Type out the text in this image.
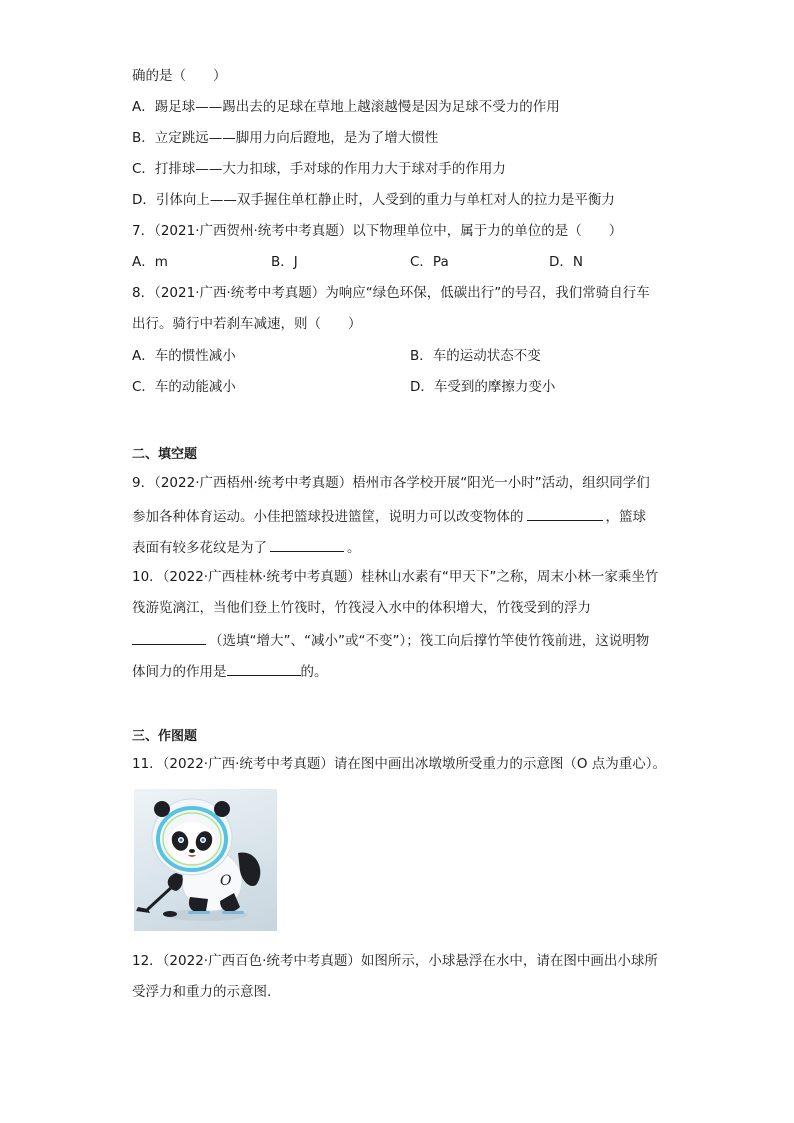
确的是（　　）
A．踢足球——踢出去的足球在草地上越滚越慢是因为足球不受力的作用
B．立定跳远——脚用力向后蹬地，是为了增大惯性
C．打排球——大力扣球，手对球的作用力大于球对手的作用力
D．引体向上——双手握住单杠静止时，人受到的重力与单杠对人的拉力是平衡力
7．（2021·广西贺州·统考中考真题）以下物理单位中，属于力的单位的是（　　）
A．m	B．J	C．Pa	D．N
8．（2021·广西·统考中考真题）为响应“绿色环保，低碳出行”的号召，我们常骑自行车
出行。骑行中若刹车减速，则（　　）
A．车的惯性减小	B．车的运动状态不变
C．车的动能减小	D．车受到的摩擦力变小
二、填空题
9．（2022·广西梧州·统考中考真题）梧州市各学校开展“阳光一小时”活动，组织同学们
参加各种体育运动。小佳把篮球投进篮筐，说明力可以改变物体的	，篮球
表面有较多花纹是为了	。
10．（2022·广西桂林·统考中考真题）桂林山水素有“甲天下”之称，周末小林一家乘坐竹
筏游览漓江，当他们登上竹筏时，竹筏浸入水中的体积增大，竹筏受到的浮力
（选填“增大”、“减小”或“不变”）；筏工向后撑竹竿使竹筏前进，这说明物
体间力的作用是	的。
三、作图题
11．（2022·广西·统考中考真题）请在图中画出冰墩墩所受重力的示意图（O 点为重心）。
O
12．（2022·广西百色·统考中考真题）如图所示，小球悬浮在水中，请在图中画出小球所
受浮力和重力的示意图.
